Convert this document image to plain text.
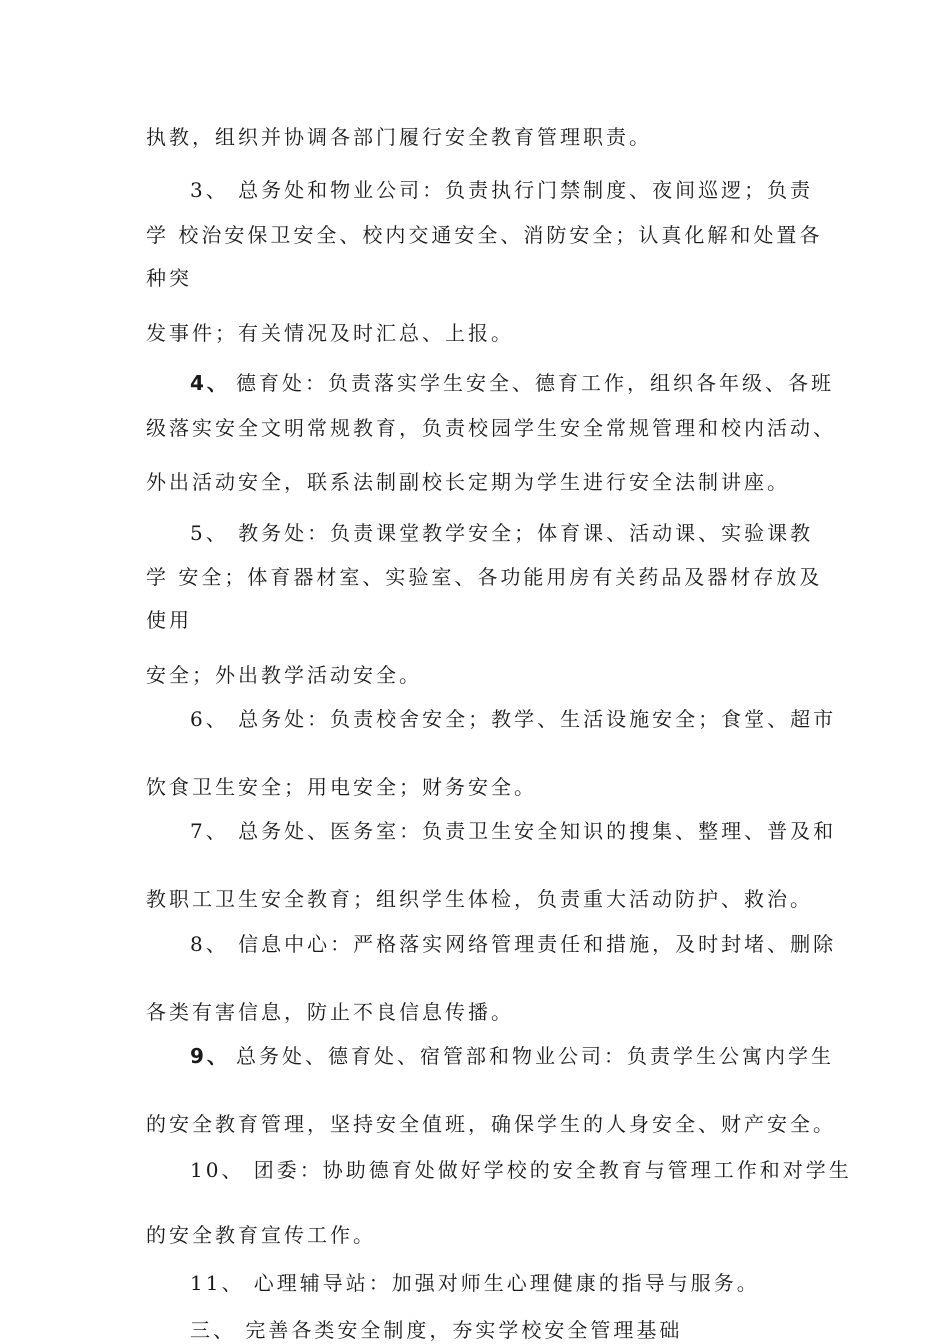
执教，组织并协调各部门履行安全教育管理职责。
3、 总务处和物业公司：负责执行门禁制度、夜间巡逻；负责
学 校治安保卫安全、校内交通安全、消防安全；认真化解和处置各
种突
发事件；有关情况及时汇总、上报。
4、 德育处：负责落实学生安全、德育工作，组织各年级、各班
级落实安全文明常规教育，负责校园学生安全常规管理和校内活动、
外出活动安全，联系法制副校长定期为学生进行安全法制讲座。
5、 教务处：负责课堂教学安全；体育课、活动课、实验课教
学 安全；体育器材室、实验室、各功能用房有关药品及器材存放及
使用
安全；外出教学活动安全。
6、 总务处：负责校舍安全；教学、生活设施安全；食堂、超市
饮食卫生安全；用电安全；财务安全。
7、 总务处、医务室：负责卫生安全知识的搜集、整理、普及和
教职工卫生安全教育；组织学生体检，负责重大活动防护、救治。
8、 信息中心：严格落实网络管理责任和措施，及时封堵、删除
各类有害信息，防止不良信息传播。
9、 总务处、德育处、宿管部和物业公司：负责学生公寓内学生
的安全教育管理，坚持安全值班，确保学生的人身安全、财产安全。
10、 团委：协助德育处做好学校的安全教育与管理工作和对学生
的安全教育宣传工作。
11、 心理辅导站：加强对师生心理健康的指导与服务。
三、 完善各类安全制度，夯实学校安全管理基础
